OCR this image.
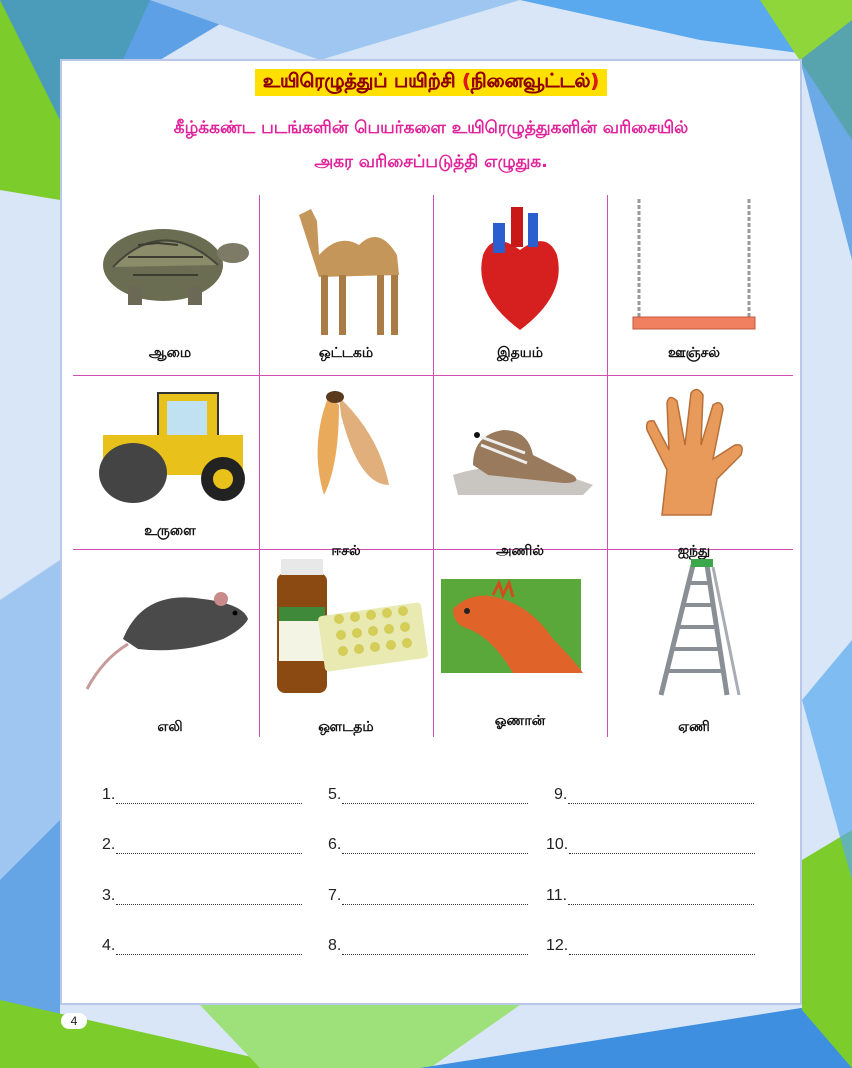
உயிரெழுத்துப் பயிற்சி (நினைவூட்டல்)
கீழ்க்கண்ட படங்களின் பெயர்களை உயிரெழுத்துகளின் வரிசையில்
அகர வரிசைப்படுத்தி எழுதுக.
ஆமை	ஒட்டகம்	இதயம்	ஊஞ்சல்
உருளை
ஈசல்	அணில்	ஐந்து
எலி	ஔடதம்	ஓணான்	ஏணி
1.
2.
3.
4.
5.
6.
7.
8.
9.
10.
11.
12.
4
